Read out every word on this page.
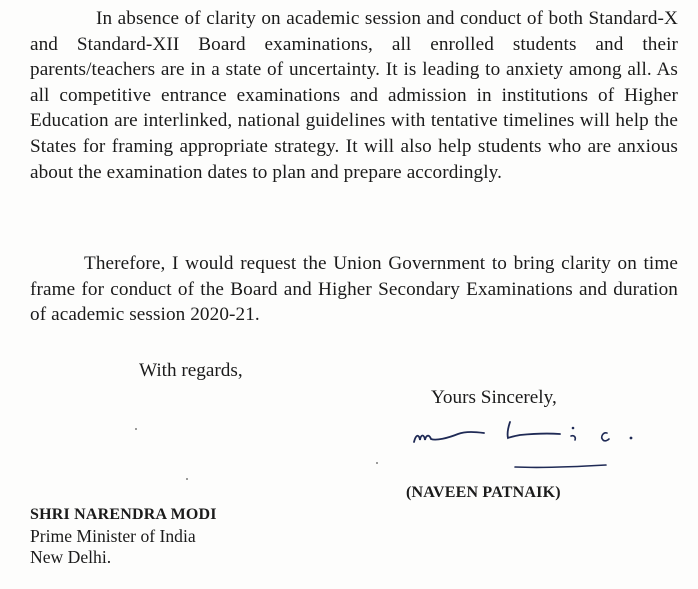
In absence of clarity on academic session and conduct of both Standard-X and Standard-XII Board examinations, all enrolled students and their parents/teachers are in a state of uncertainty. It is leading to anxiety among all. As all competitive entrance examinations and admission in institutions of Higher Education are interlinked, national guidelines with tentative timelines will help the States for framing appropriate strategy. It will also help students who are anxious about the examination dates to plan and prepare accordingly.

Therefore, I would request the Union Government to bring clarity on time frame for conduct of the Board and Higher Secondary Examinations and duration of academic session 2020-21.

With regards,
Yours Sincerely,
(NAVEEN PATNAIK)
SHRI NARENDRA MODI
Prime Minister of India
New Delhi.
